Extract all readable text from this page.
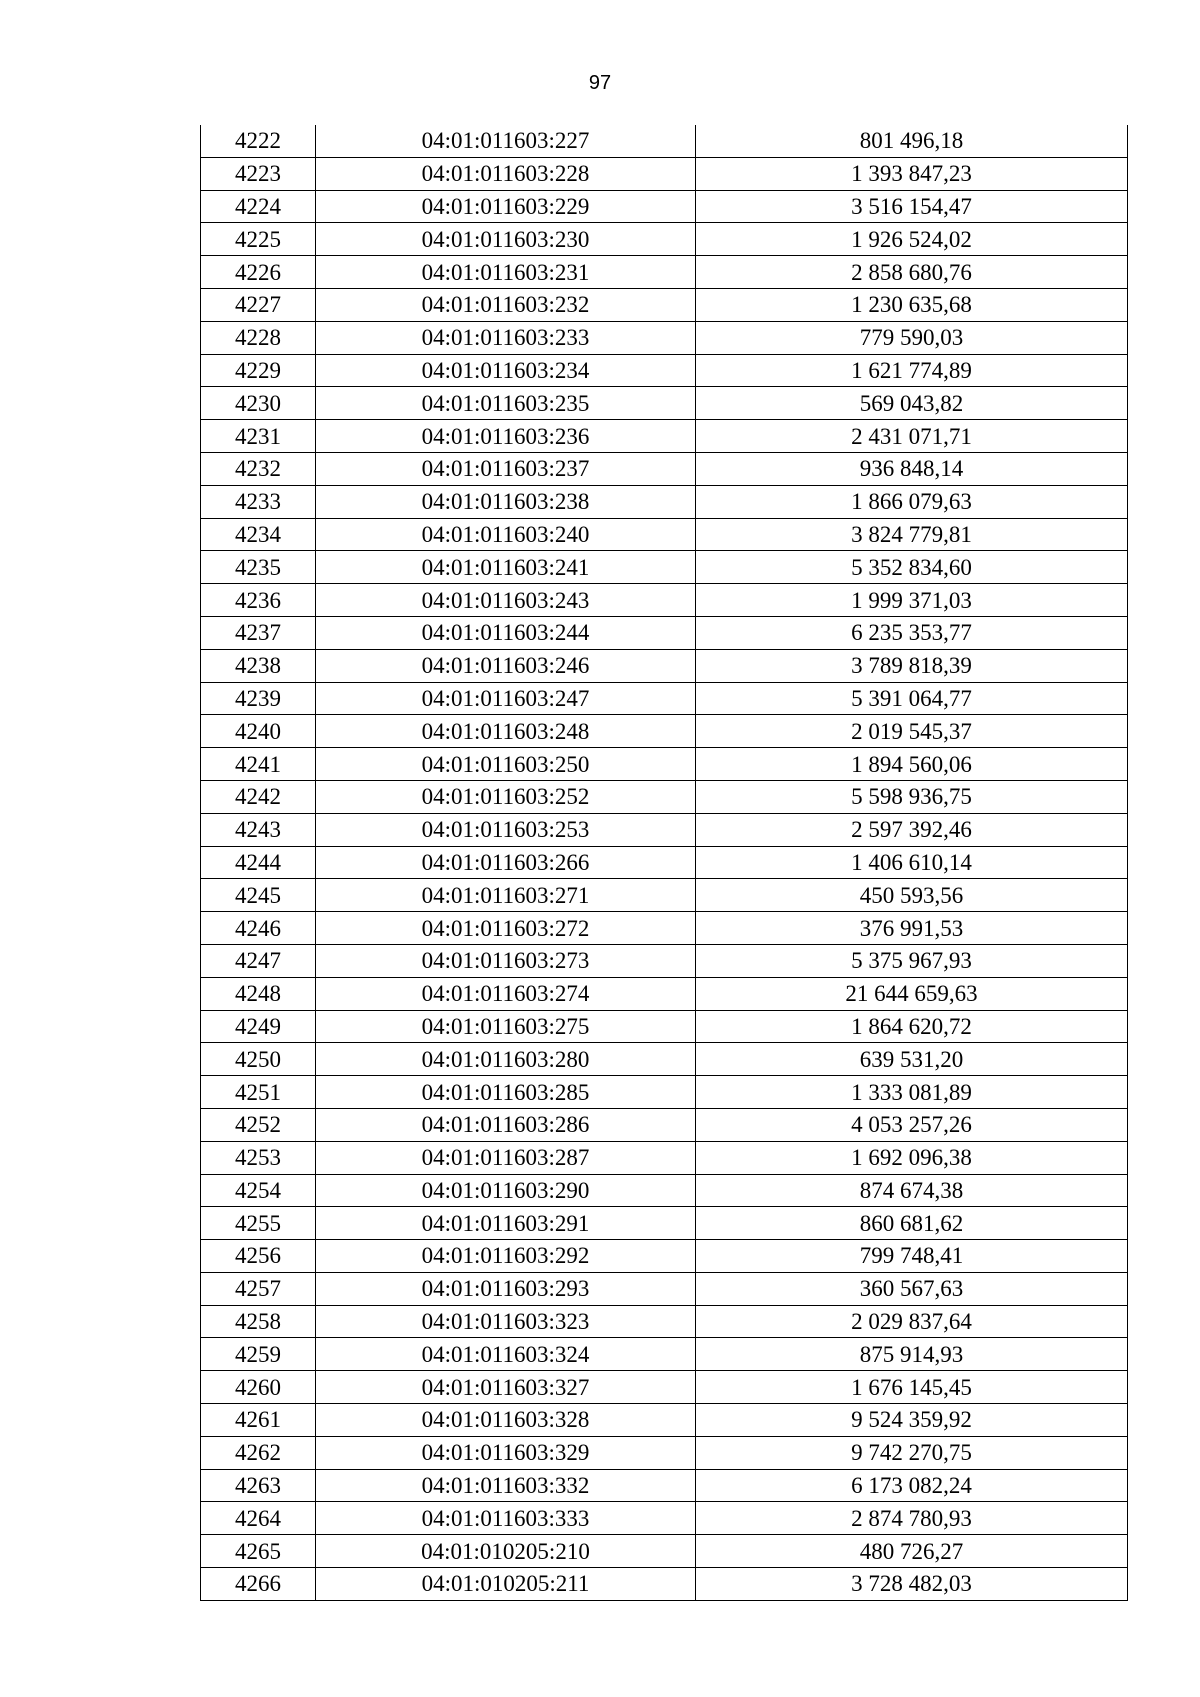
97
4222	04:01:011603:227	801 496,18
4223	04:01:011603:228	1 393 847,23
4224	04:01:011603:229	3 516 154,47
4225	04:01:011603:230	1 926 524,02
4226	04:01:011603:231	2 858 680,76
4227	04:01:011603:232	1 230 635,68
4228	04:01:011603:233	779 590,03
4229	04:01:011603:234	1 621 774,89
4230	04:01:011603:235	569 043,82
4231	04:01:011603:236	2 431 071,71
4232	04:01:011603:237	936 848,14
4233	04:01:011603:238	1 866 079,63
4234	04:01:011603:240	3 824 779,81
4235	04:01:011603:241	5 352 834,60
4236	04:01:011603:243	1 999 371,03
4237	04:01:011603:244	6 235 353,77
4238	04:01:011603:246	3 789 818,39
4239	04:01:011603:247	5 391 064,77
4240	04:01:011603:248	2 019 545,37
4241	04:01:011603:250	1 894 560,06
4242	04:01:011603:252	5 598 936,75
4243	04:01:011603:253	2 597 392,46
4244	04:01:011603:266	1 406 610,14
4245	04:01:011603:271	450 593,56
4246	04:01:011603:272	376 991,53
4247	04:01:011603:273	5 375 967,93
4248	04:01:011603:274	21 644 659,63
4249	04:01:011603:275	1 864 620,72
4250	04:01:011603:280	639 531,20
4251	04:01:011603:285	1 333 081,89
4252	04:01:011603:286	4 053 257,26
4253	04:01:011603:287	1 692 096,38
4254	04:01:011603:290	874 674,38
4255	04:01:011603:291	860 681,62
4256	04:01:011603:292	799 748,41
4257	04:01:011603:293	360 567,63
4258	04:01:011603:323	2 029 837,64
4259	04:01:011603:324	875 914,93
4260	04:01:011603:327	1 676 145,45
4261	04:01:011603:328	9 524 359,92
4262	04:01:011603:329	9 742 270,75
4263	04:01:011603:332	6 173 082,24
4264	04:01:011603:333	2 874 780,93
4265	04:01:010205:210	480 726,27
4266	04:01:010205:211	3 728 482,03
